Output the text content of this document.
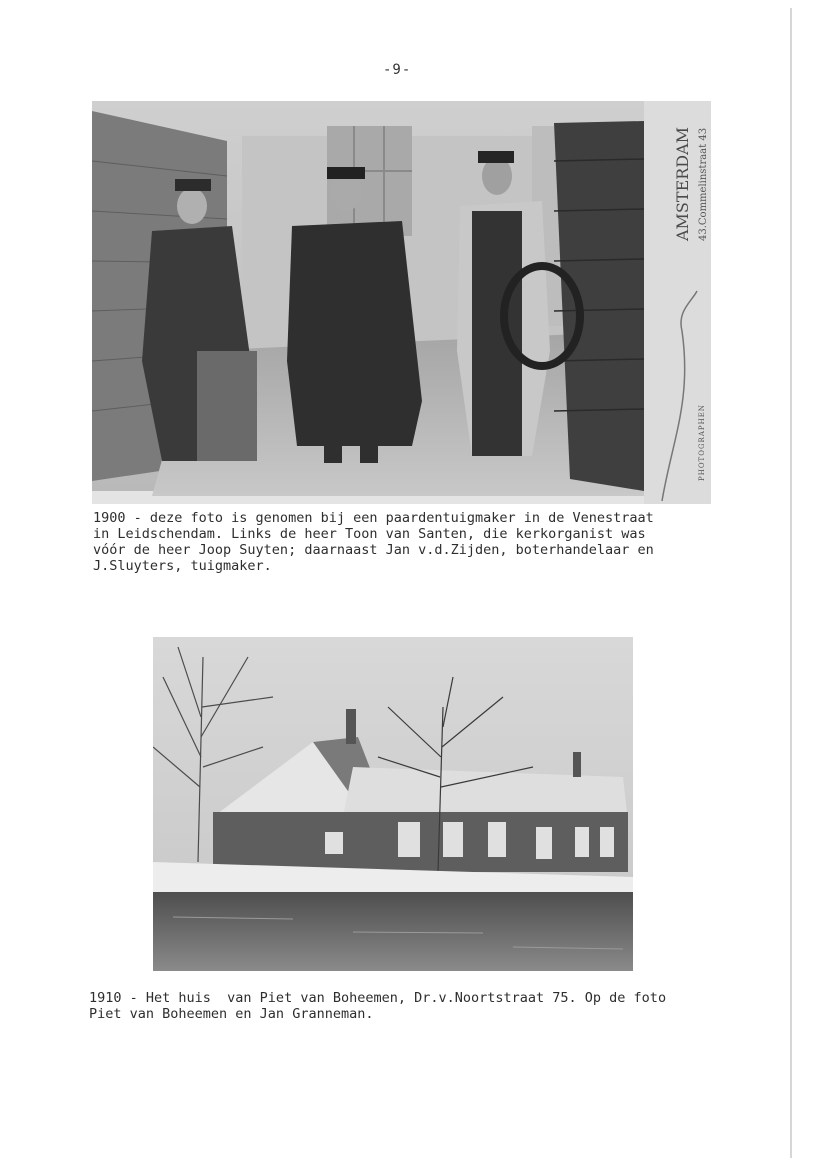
-9-
AMSTERDAM 43.Commelinstraat 43
PHOTOGRAPHEN
1900 - deze foto is genomen bij een paardentuigmaker in de Venestraat
in Leidschendam. Links de heer Toon van Santen, die kerkorganist was
vóór de heer Joop Suyten; daarnaast Jan v.d.Zijden, boterhandelaar en
J.Sluyters, tuigmaker.
1910 - Het huis  van Piet van Boheemen, Dr.v.Noortstraat 75. Op de foto
Piet van Boheemen en Jan Granneman.
